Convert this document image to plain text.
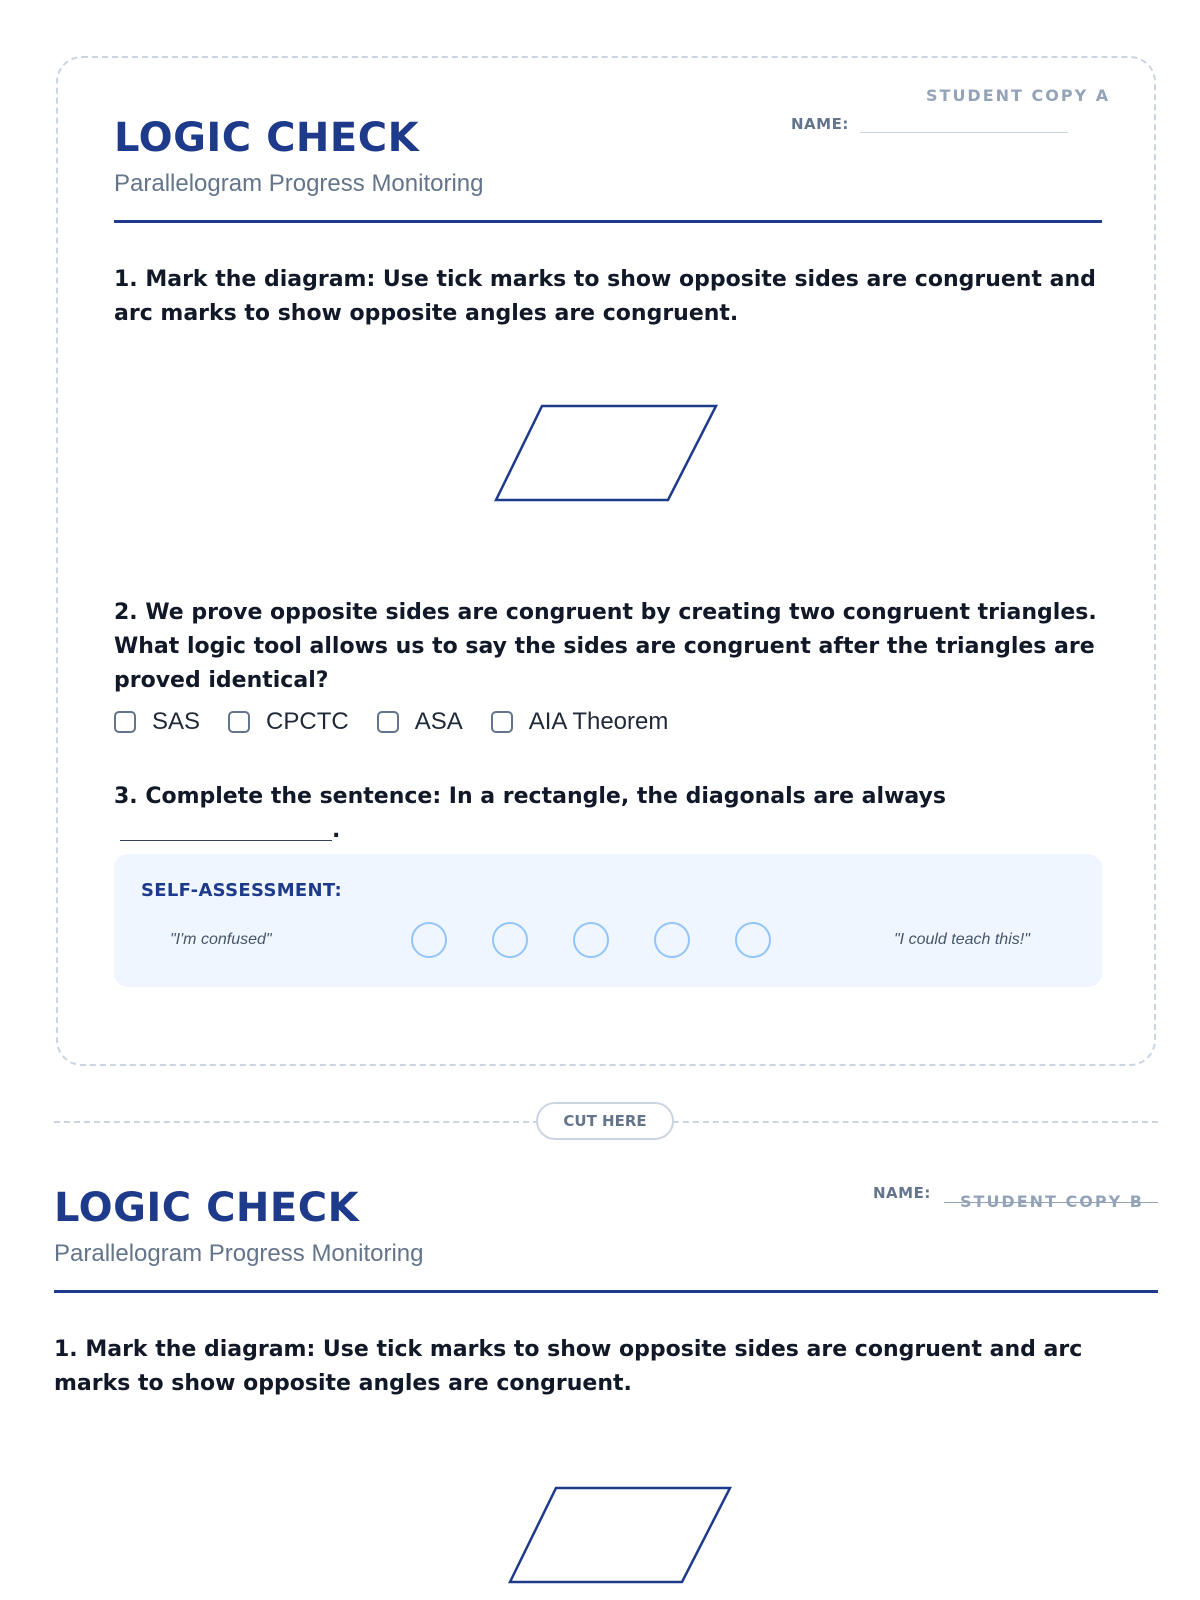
STUDENT COPY A
NAME:
LOGIC CHECK
Parallelogram Progress Monitoring

1. Mark the diagram: Use tick marks to show opposite sides are congruent and arc marks to show opposite angles are congruent.

2. We prove opposite sides are congruent by creating two congruent triangles. What logic tool allows us to say the sides are congruent after the triangles are proved identical?

SAS	CPCTC	ASA	AIA Theorem

3. Complete the sentence: In a rectangle, the diagonals are always.

SELF-ASSESSMENT:
"I'm confused"	"I could teach this!"
CUT HERE
NAME: STUDENT COPY B
LOGIC CHECK
Parallelogram Progress Monitoring

1. Mark the diagram: Use tick marks to show opposite sides are congruent and arc marks to show opposite angles are congruent.
